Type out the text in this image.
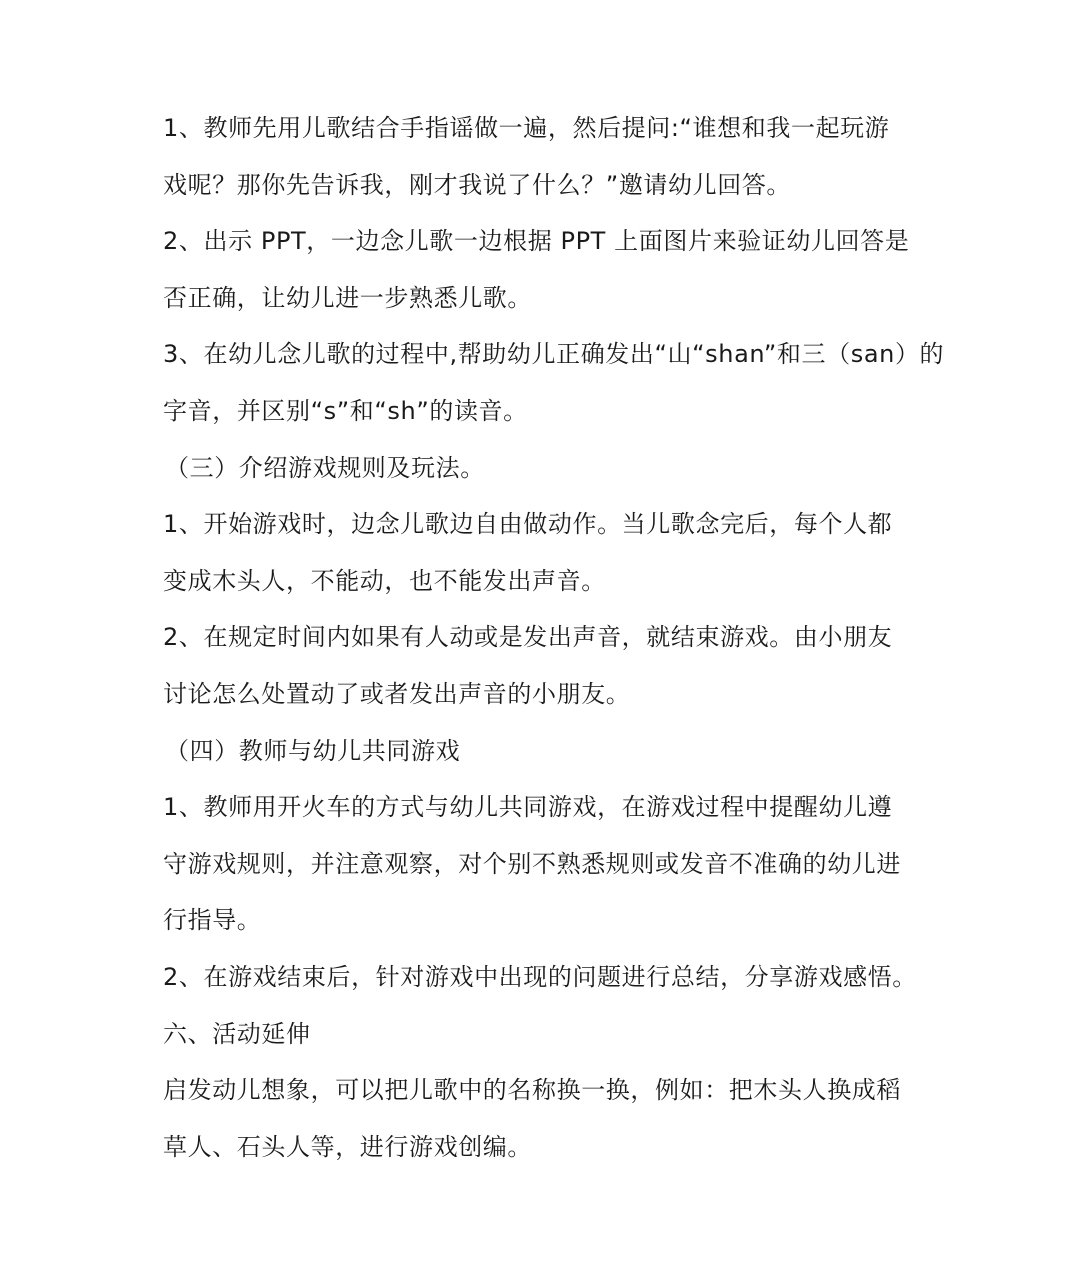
1、教师先用儿歌结合手指谣做一遍，然后提问:“谁想和我一起玩游
戏呢？那你先告诉我，刚才我说了什么？”邀请幼儿回答。
2、出示 PPT，一边念儿歌一边根据 PPT 上面图片来验证幼儿回答是
否正确，让幼儿进一步熟悉儿歌。
3、在幼儿念儿歌的过程中,帮助幼儿正确发出“山“shan”和三（san）的
字音，并区别“s”和“sh”的读音。
（三）介绍游戏规则及玩法。
1、开始游戏时，边念儿歌边自由做动作。当儿歌念完后，每个人都
变成木头人，不能动，也不能发出声音。
2、在规定时间内如果有人动或是发出声音，就结束游戏。由小朋友
讨论怎么处置动了或者发出声音的小朋友。
（四）教师与幼儿共同游戏
1、教师用开火车的方式与幼儿共同游戏，在游戏过程中提醒幼儿遵
守游戏规则，并注意观察，对个别不熟悉规则或发音不准确的幼儿进
行指导。
2、在游戏结束后，针对游戏中出现的问题进行总结，分享游戏感悟。
六、活动延伸
启发动儿想象，可以把儿歌中的名称换一换，例如：把木头人换成稻
草人、石头人等，进行游戏创编。
